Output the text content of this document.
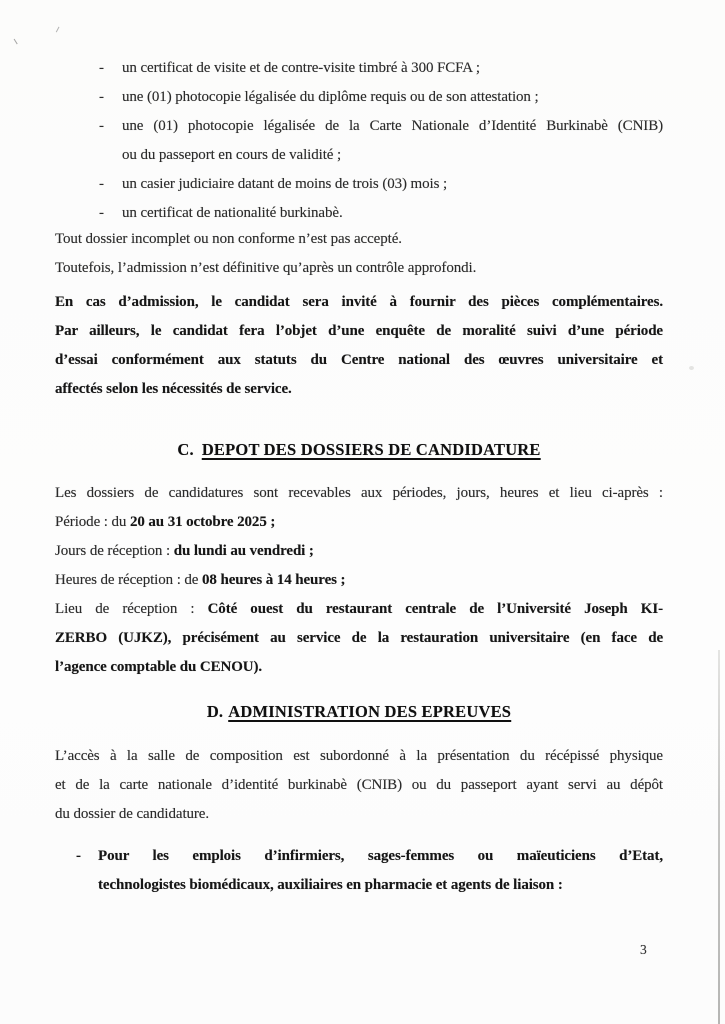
-	un certificat de visite et de contre-visite timbré à 300 FCFA ;
-	une (01) photocopie légalisée du diplôme requis ou de son attestation ;
-	une (01) photocopie légalisée de la Carte Nationale d’Identité Burkinabè (CNIB)
ou du passeport en cours de validité ;
-	un casier judiciaire datant de moins de trois (03) mois ;
-	un certificat de nationalité burkinabè.
Tout dossier incomplet ou non conforme n’est pas accepté.
Toutefois, l’admission n’est définitive qu’après un contrôle approfondi.
En cas d’admission, le candidat sera invité à fournir des pièces complémentaires.
Par ailleurs, le candidat fera l’objet d’une enquête de moralité suivi d’une période
d’essai conformément aux statuts du Centre national des œuvres universitaire et
affectés selon les nécessités de service.
C. DEPOT DES DOSSIERS DE CANDIDATURE
Les dossiers de candidatures sont recevables aux périodes, jours, heures et lieu ci-après :
Période : du 20 au 31 octobre 2025 ;
Jours de réception : du lundi au vendredi ;
Heures de réception : de 08 heures à 14 heures ;
Lieu de réception : Côté ouest du restaurant centrale de l’Université Joseph KI-
ZERBO (UJKZ), précisément au service de la restauration universitaire (en face de
l’agence comptable du CENOU).
D. ADMINISTRATION DES EPREUVES
L’accès à la salle de composition est subordonné à la présentation du récépissé physique
et de la carte nationale d’identité burkinabè (CNIB) ou du passeport ayant servi au dépôt
du dossier de candidature.
-	Pour les emplois d’infirmiers, sages-femmes ou maïeuticiens d’Etat,
technologistes biomédicaux, auxiliaires en pharmacie et agents de liaison :
3
